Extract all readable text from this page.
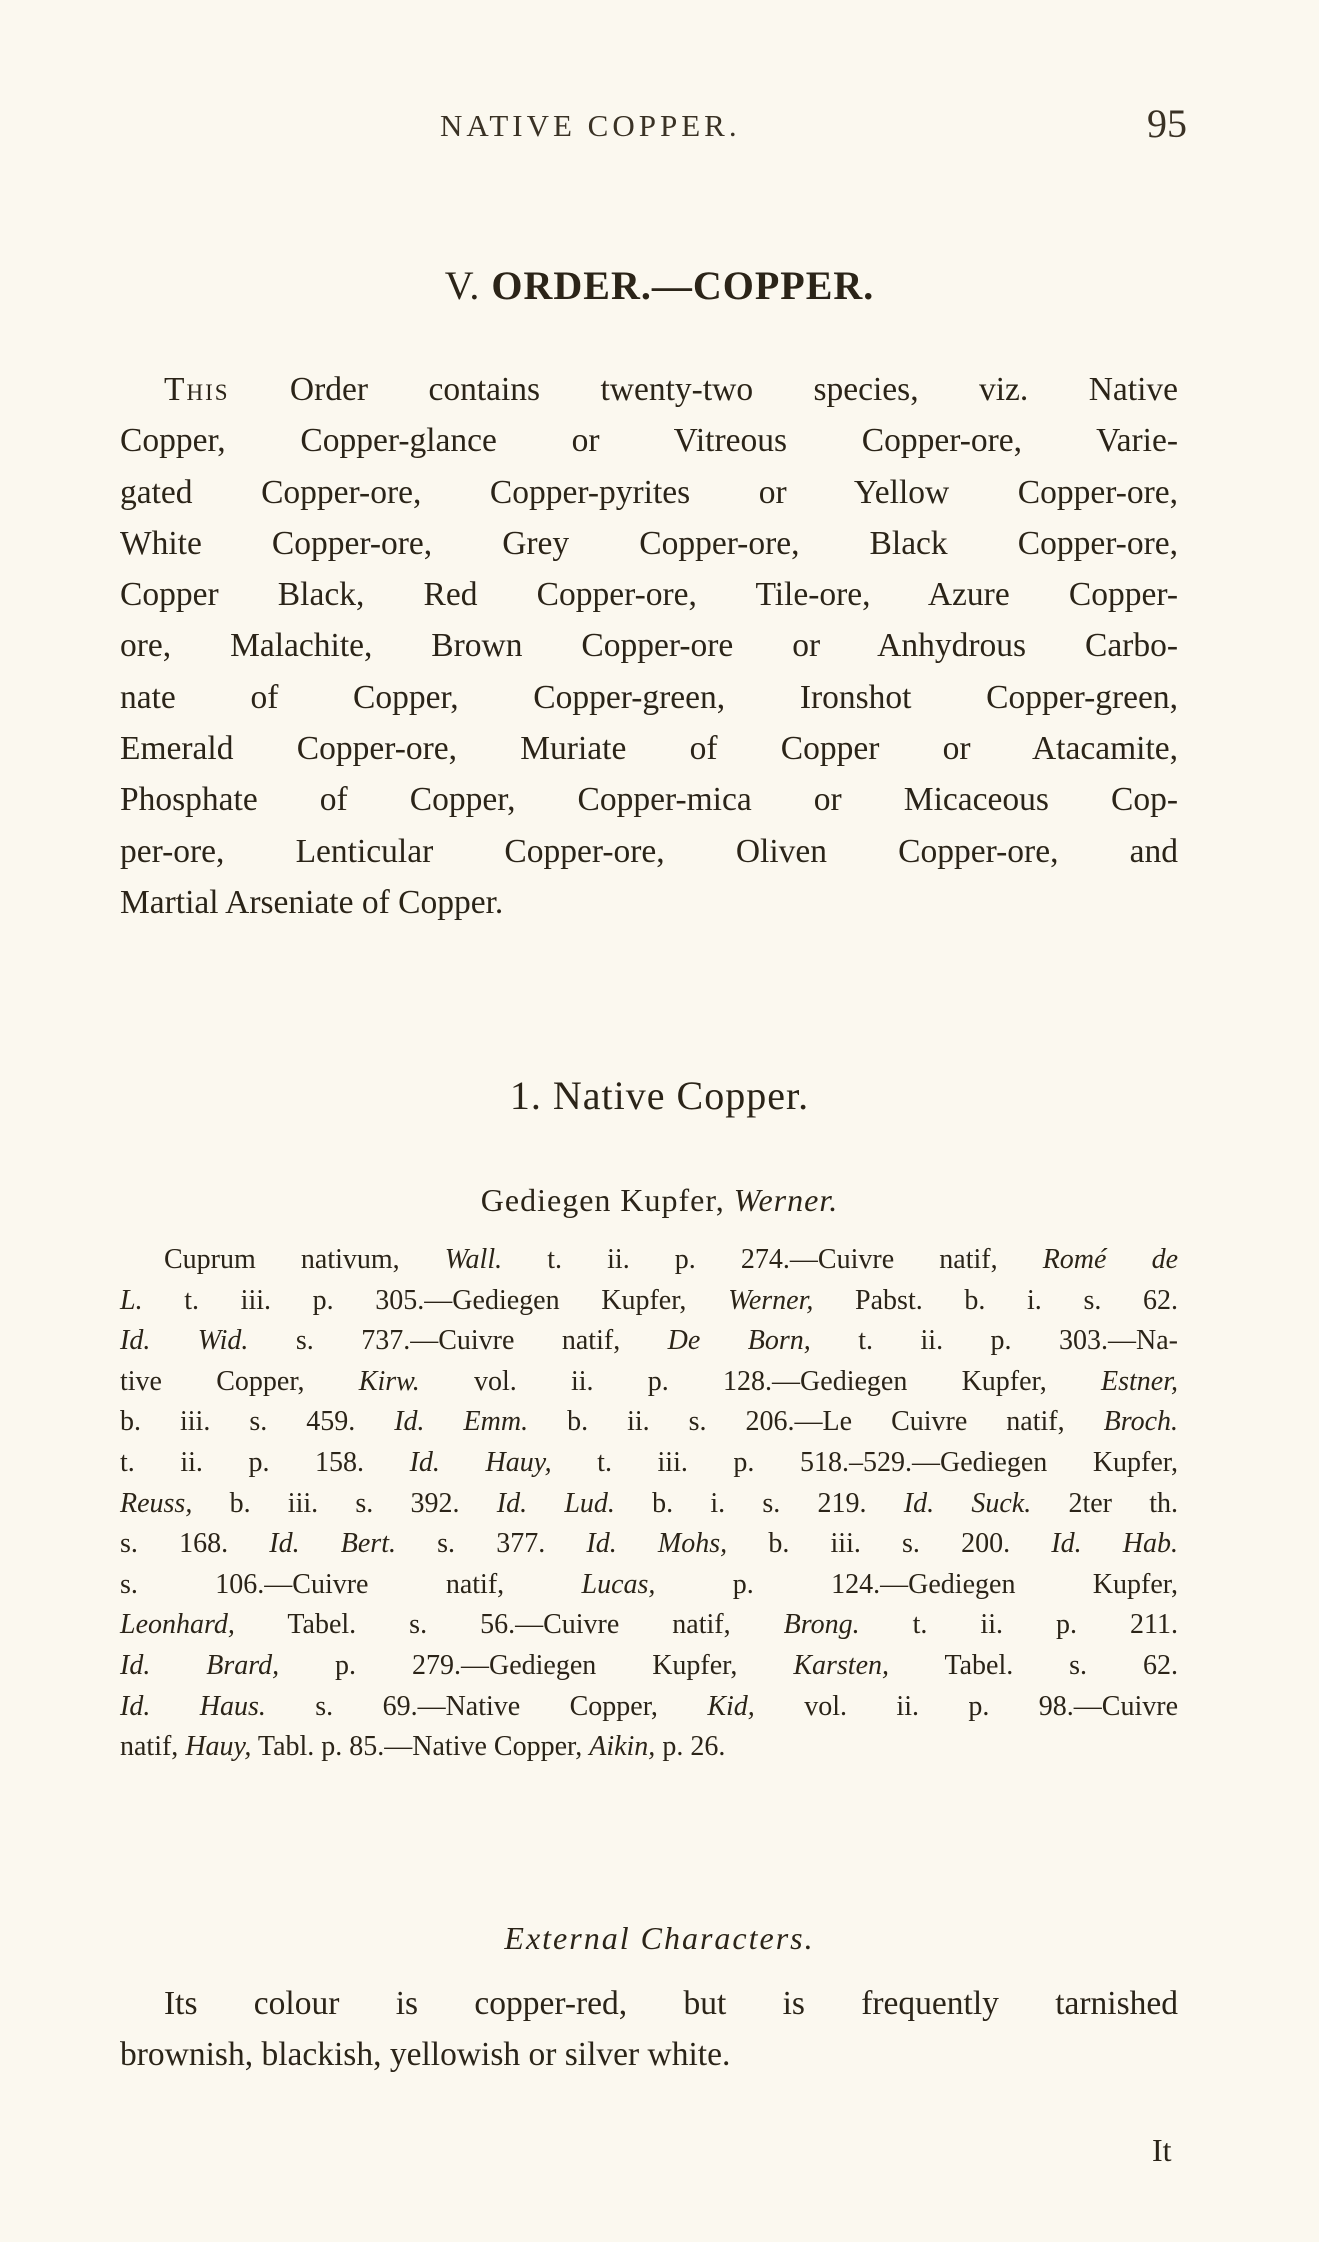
NATIVE COPPER.	95
V. ORDER.—COPPER.
This Order contains twenty-two species, viz. Native
Copper, Copper-glance or Vitreous Copper-ore, Varie-
gated Copper-ore, Copper-pyrites or Yellow Copper-ore,
White Copper-ore, Grey Copper-ore, Black Copper-ore,
Copper Black, Red Copper-ore, Tile-ore, Azure Copper-
ore, Malachite, Brown Copper-ore or Anhydrous Carbo-
nate of Copper, Copper-green, Ironshot Copper-green,
Emerald Copper-ore, Muriate of Copper or Atacamite,
Phosphate of Copper, Copper-mica or Micaceous Cop-
per-ore, Lenticular Copper-ore, Oliven Copper-ore, and
Martial Arseniate of Copper.
1. Native Copper.
Gediegen Kupfer, Werner.
Cuprum nativum, Wall. t. ii. p. 274.—Cuivre natif, Romé de
L. t. iii. p. 305.—Gediegen Kupfer, Werner, Pabst. b. i. s. 62.
Id. Wid. s. 737.—Cuivre natif, De Born, t. ii. p. 303.—Na-
tive Copper, Kirw. vol. ii. p. 128.—Gediegen Kupfer, Estner,
b. iii. s. 459. Id. Emm. b. ii. s. 206.—Le Cuivre natif, Broch.
t. ii. p. 158. Id. Hauy, t. iii. p. 518.–529.—Gediegen Kupfer,
Reuss, b. iii. s. 392. Id. Lud. b. i. s. 219. Id. Suck. 2ter th.
s. 168. Id. Bert. s. 377. Id. Mohs, b. iii. s. 200. Id. Hab.
s. 106.—Cuivre natif, Lucas, p. 124.—Gediegen Kupfer,
Leonhard, Tabel. s. 56.—Cuivre natif, Brong. t. ii. p. 211.
Id. Brard, p. 279.—Gediegen Kupfer, Karsten, Tabel. s. 62.
Id. Haus. s. 69.—Native Copper, Kid, vol. ii. p. 98.—Cuivre
natif, Hauy, Tabl. p. 85.—Native Copper, Aikin, p. 26.
External Characters.
Its colour is copper-red, but is frequently tarnished
brownish, blackish, yellowish or silver white.
It
